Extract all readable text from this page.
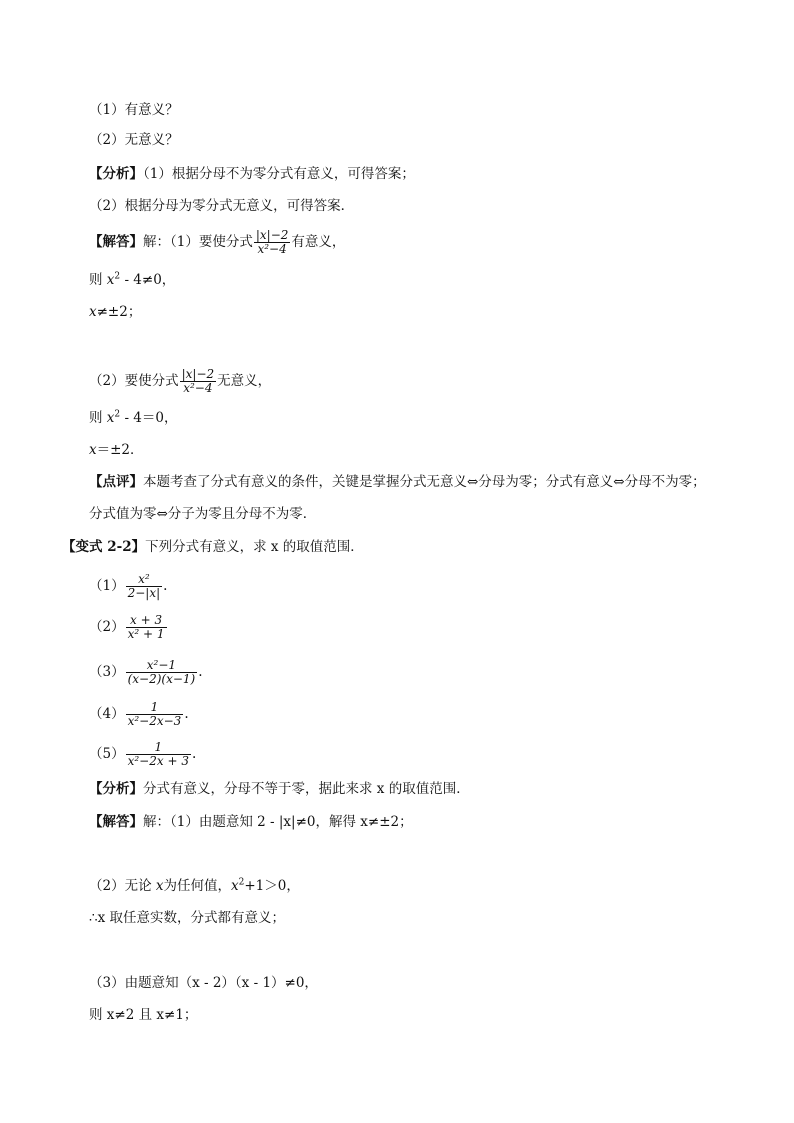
（1）有意义？
（2）无意义？
【分析】（1）根据分母不为零分式有意义，可得答案；
（2）根据分母为零分式无意义，可得答案．
【解答】解：（1）要使分式 $\frac{|x|-2}{\text{x²−4}}$ 有意义，
则 $x^2 - 4\ne 0$，
x≠±2；
（2）要使分式 $\frac{|x|-2}{\text{x²−4}}$ 无意义，
则 $x^2 - 4=0$，
x＝±2．
【点评】本题考查了分式有意义的条件，关键是掌握分式无意义⇔分母为零；分式有意义⇔分母不为零；
分式值为零⇔分子为零且分母不为零．
【变式 2-2】下列分式有意义，求 x 的取值范围．
$(1) \frac{\text{x²}}{2-|x|}$ .
$(2) \frac{x + 3}{\text{x² + 1}}$
$(3) \frac{\text{x²−1}}{(x-2)(x-1)}$ .
$(4) \frac{1}{\text{x²−2x−3}}$ .
$(5) \frac{1}{\text{x²−2x + 3}}$ .
【分析】分式有意义，分母不等于零，据此来求 x 的取值范围．
【解答】解：（1）由题意知 2 - |x|≠0，解得 x≠±2；
（2）无论 x为任何值，$x^2+1>0$，
∴x 取任意实数，分式都有意义；
（3）由题意知（x - 2）（x - 1）≠0，
则 x≠2 且 x≠1；
